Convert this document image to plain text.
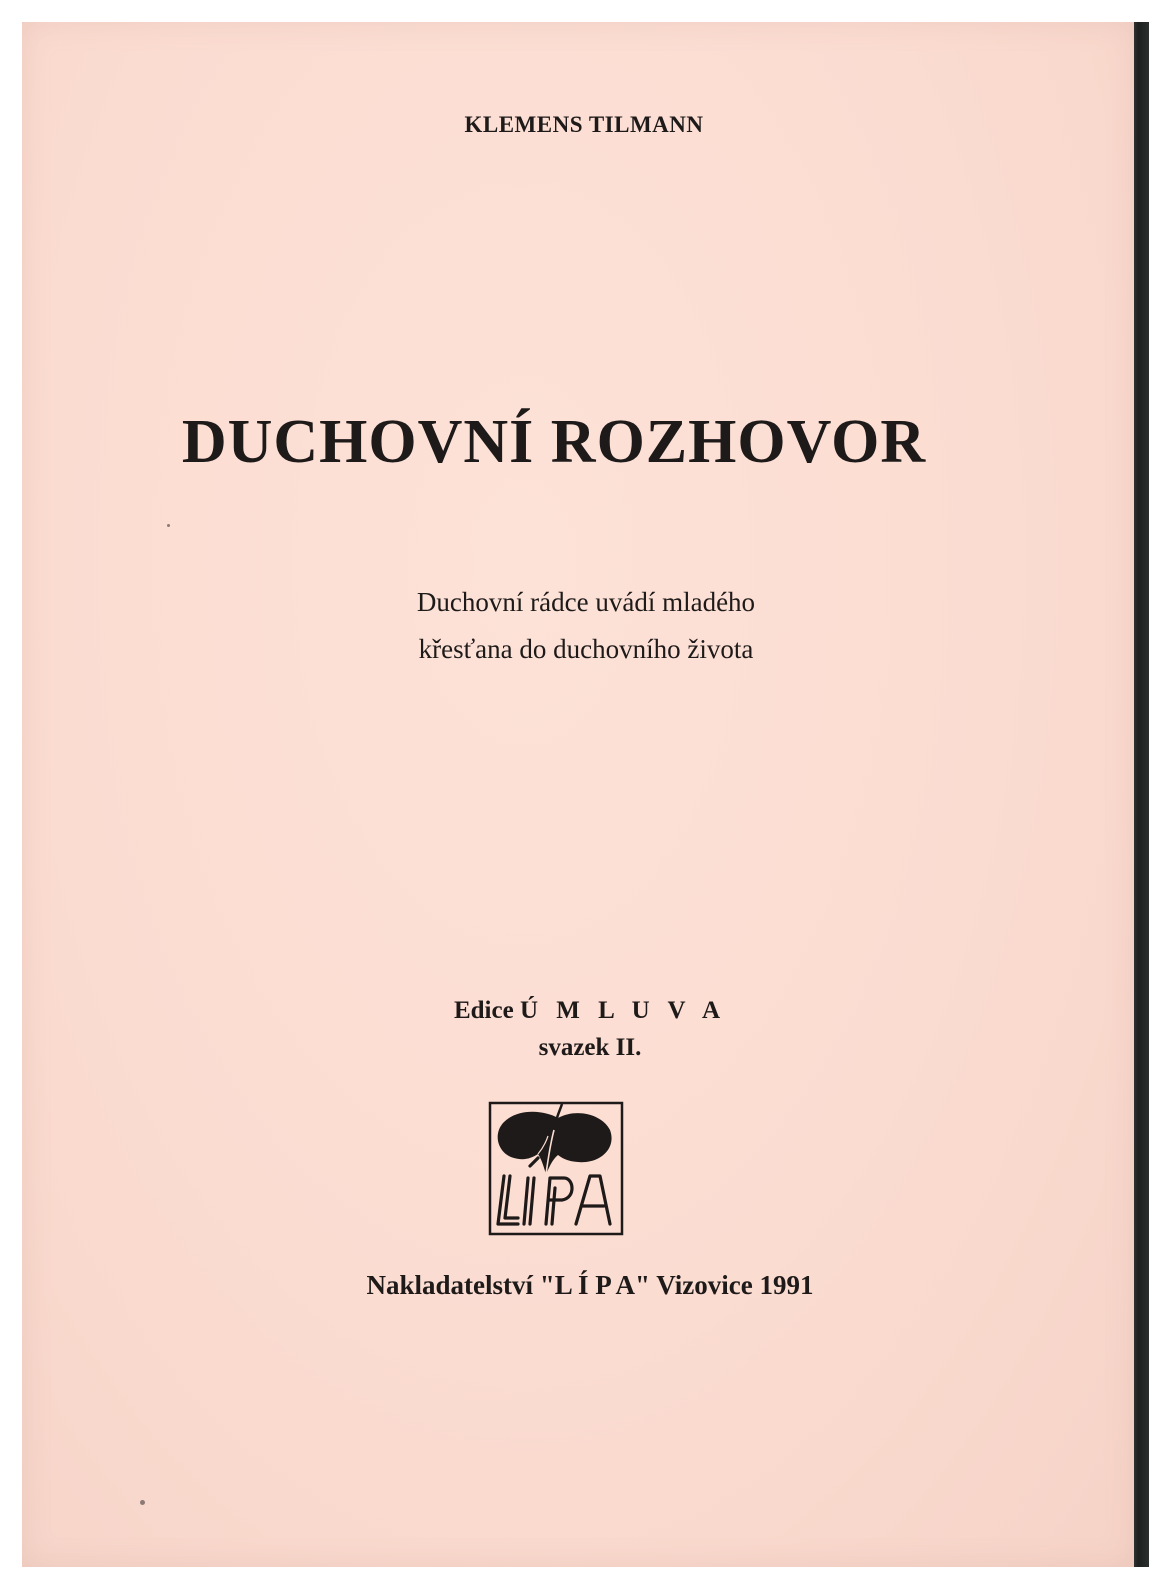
KLEMENS TILMANN
DUCHOVNÍ ROZHOVOR
Duchovní rádce uvádí mladého
křesťana do duchovního života
Edice Ú M L U V A
svazek II.
Nakladatelství "L Í P A" Vizovice 1991
